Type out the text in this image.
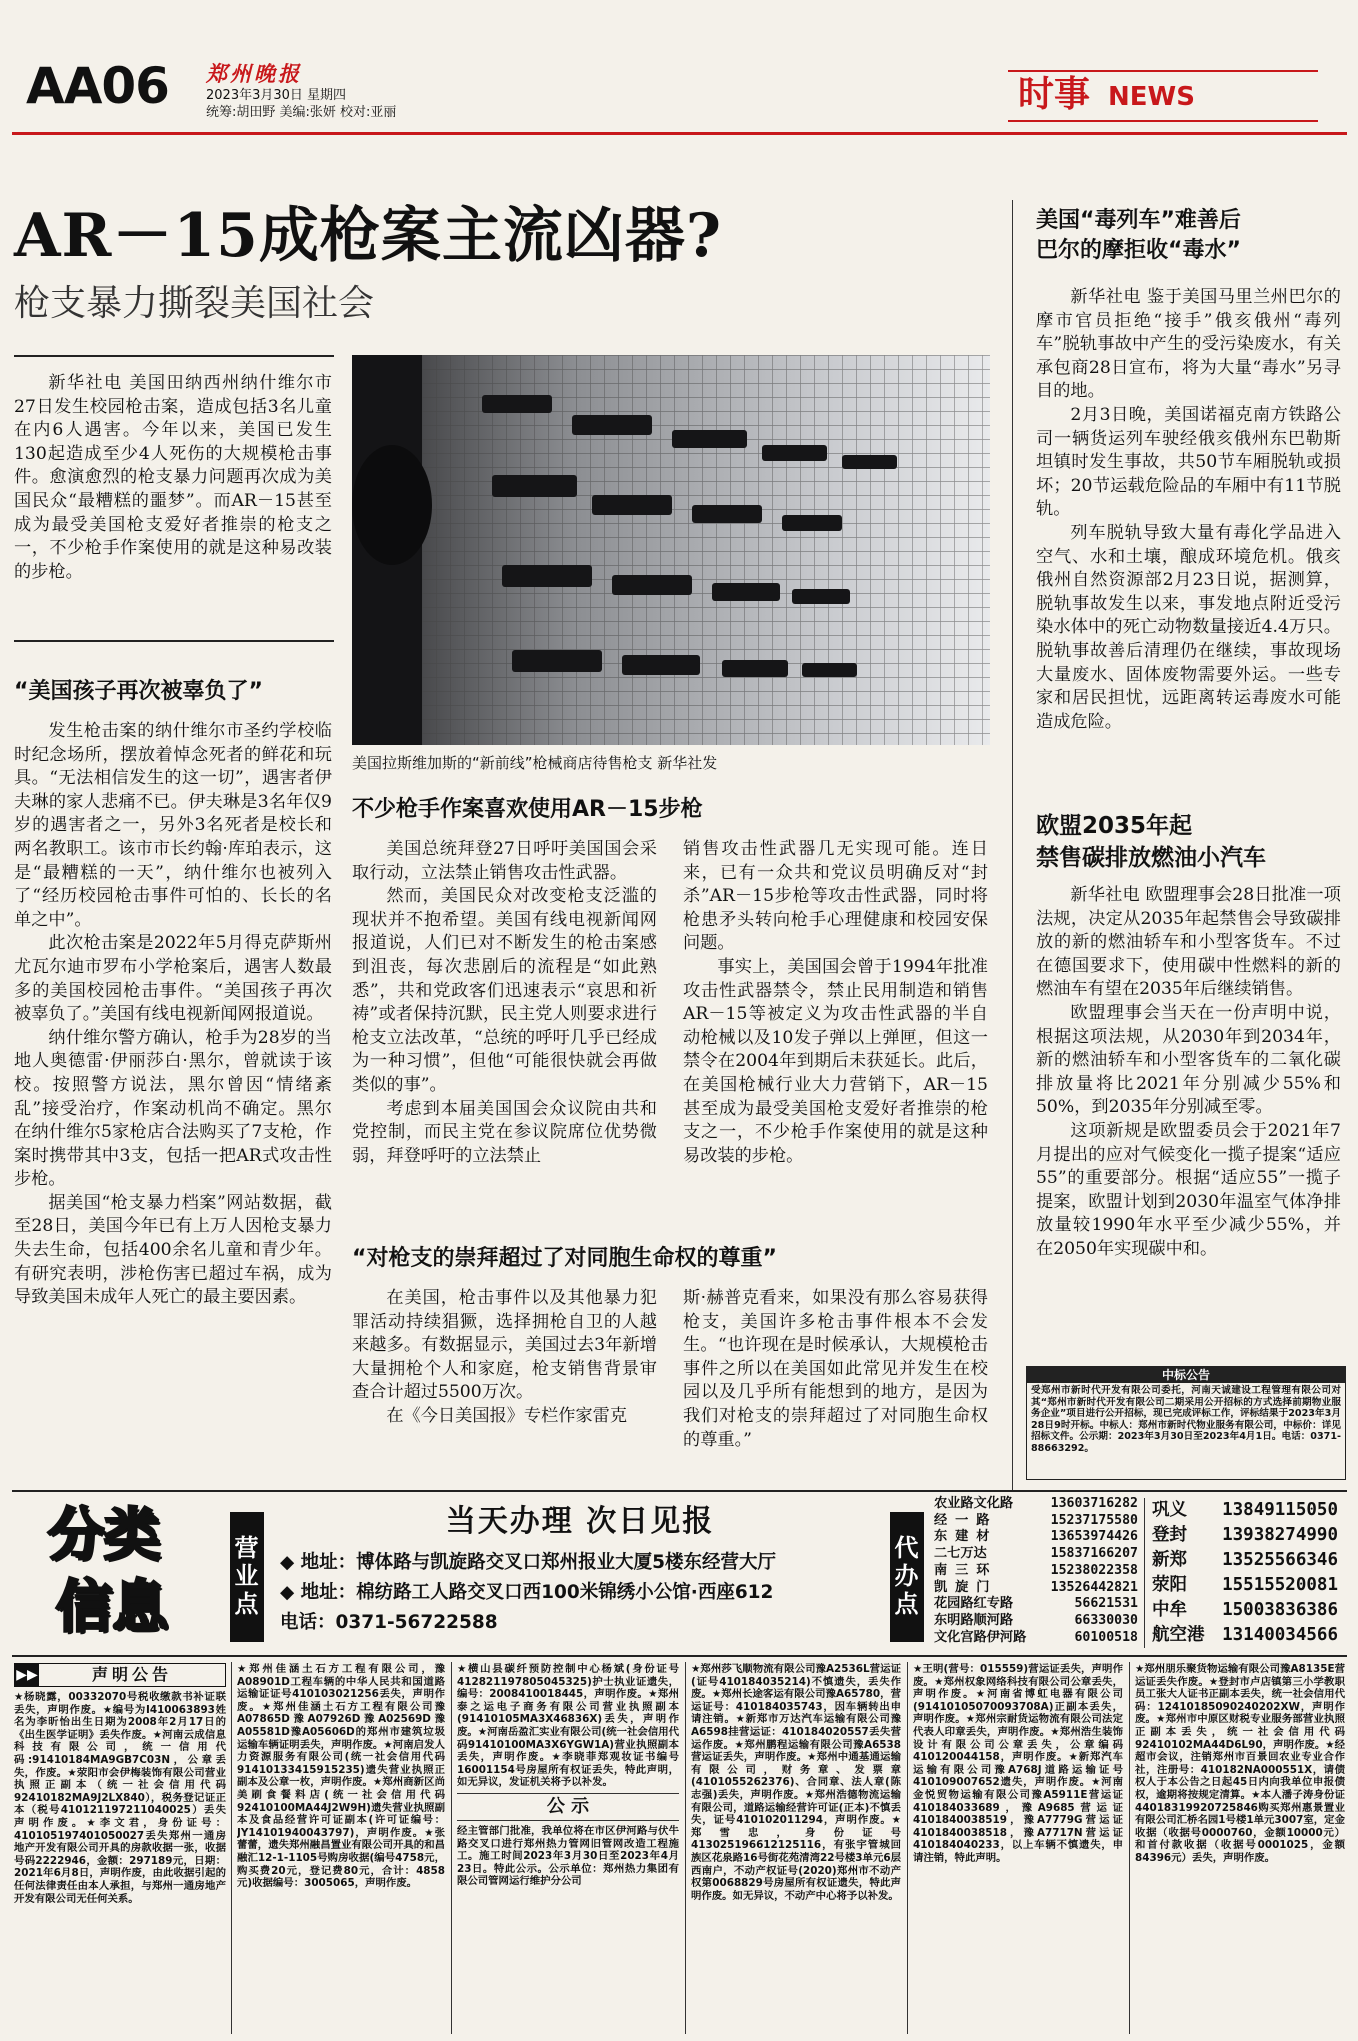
AA06 郑州晚报
2023年3月30日 星期四
统筹:胡田野 美编:张妍 校对:亚丽	时事 NEWS
AR－15成枪案主流凶器?
枪支暴力撕裂美国社会
新华社电 美国田纳西州纳什维尔市27日发生校园枪击案，造成包括3名儿童在内6人遇害。今年以来，美国已发生130起造成至少4人死伤的大规模枪击事件。愈演愈烈的枪支暴力问题再次成为美国民众“最糟糕的噩梦”。而AR－15甚至成为最受美国枪支爱好者推崇的枪支之一，不少枪手作案使用的就是这种易改装的步枪。
美国拉斯维加斯的“新前线”枪械商店待售枪支 新华社发
“美国孩子再次被辜负了”

发生枪击案的纳什维尔市圣约学校临时纪念场所，摆放着悼念死者的鲜花和玩具。“无法相信发生的这一切”，遇害者伊夫琳的家人悲痛不已。伊夫琳是3名年仅9岁的遇害者之一，另外3名死者是校长和两名教职工。该市市长约翰·库珀表示，这是“最糟糕的一天”，纳什维尔也被列入了“经历校园枪击事件可怕的、长长的名单之中”。

此次枪击案是2022年5月得克萨斯州尤瓦尔迪市罗布小学枪案后，遇害人数最多的美国校园枪击事件。“美国孩子再次被辜负了。”美国有线电视新闻网报道说。

纳什维尔警方确认，枪手为28岁的当地人奥德雷·伊丽莎白·黑尔，曾就读于该校。按照警方说法，黑尔曾因“情绪紊乱”接受治疗，作案动机尚不确定。黑尔在纳什维尔5家枪店合法购买了7支枪，作案时携带其中3支，包括一把AR式攻击性步枪。

据美国“枪支暴力档案”网站数据，截至28日，美国今年已有上万人因枪支暴力失去生命，包括400余名儿童和青少年。有研究表明，涉枪伤害已超过车祸，成为导致美国未成年人死亡的最主要因素。

不少枪手作案喜欢使用AR－15步枪

美国总统拜登27日呼吁美国国会采取行动，立法禁止销售攻击性武器。

然而，美国民众对改变枪支泛滥的现状并不抱希望。美国有线电视新闻网报道说，人们已对不断发生的枪击案感到沮丧，每次悲剧后的流程是“如此熟悉”，共和党政客们迅速表示“哀思和祈祷”或者保持沉默，民主党人则要求进行枪支立法改革，“总统的呼吁几乎已经成为一种习惯”，但他“可能很快就会再做类似的事”。

考虑到本届美国国会众议院由共和党控制，而民主党在参议院席位优势微弱，拜登呼吁的立法禁止

销售攻击性武器几无实现可能。连日来，已有一众共和党议员明确反对“封杀”AR－15步枪等攻击性武器，同时将枪患矛头转向枪手心理健康和校园安保问题。

事实上，美国国会曾于1994年批准攻击性武器禁令，禁止民用制造和销售AR－15等被定义为攻击性武器的半自动枪械以及10发子弹以上弹匣，但这一禁令在2004年到期后未获延长。此后，在美国枪械行业大力营销下，AR－15甚至成为最受美国枪支爱好者推崇的枪支之一，不少枪手作案使用的就是这种易改装的步枪。

“对枪支的崇拜超过了对同胞生命权的尊重”

在美国，枪击事件以及其他暴力犯罪活动持续猖獗，选择拥枪自卫的人越来越多。有数据显示，美国过去3年新增大量拥枪个人和家庭，枪支销售背景审查合计超过5500万次。

在《今日美国报》专栏作家雷克

斯·赫普克看来，如果没有那么容易获得枪支，美国许多枪击事件根本不会发生。“也许现在是时候承认，大规模枪击事件之所以在美国如此常见并发生在校园以及几乎所有能想到的地方，是因为我们对枪支的崇拜超过了对同胞生命权的尊重。”

美国“毒列车”难善后
巴尔的摩拒收“毒水”

新华社电 鉴于美国马里兰州巴尔的摩市官员拒绝“接手”俄亥俄州“毒列车”脱轨事故中产生的受污染废水，有关承包商28日宣布，将为大量“毒水”另寻目的地。

2月3日晚，美国诺福克南方铁路公司一辆货运列车驶经俄亥俄州东巴勒斯坦镇时发生事故，共50节车厢脱轨或损坏；20节运载危险品的车厢中有11节脱轨。

列车脱轨导致大量有毒化学品进入空气、水和土壤，酿成环境危机。俄亥俄州自然资源部2月23日说，据测算，脱轨事故发生以来，事发地点附近受污染水体中的死亡动物数量接近4.4万只。脱轨事故善后清理仍在继续，事故现场大量废水、固体废物需要外运。一些专家和居民担忧，远距离转运毒废水可能造成危险。

欧盟2035年起
禁售碳排放燃油小汽车

新华社电 欧盟理事会28日批准一项法规，决定从2035年起禁售会导致碳排放的新的燃油轿车和小型客货车。不过在德国要求下，使用碳中性燃料的新的燃油车有望在2035年后继续销售。

欧盟理事会当天在一份声明中说，根据这项法规，从2030年到2034年，新的燃油轿车和小型客货车的二氧化碳排放量将比2021年分别减少55%和50%，到2035年分别减至零。

这项新规是欧盟委员会于2021年7月提出的应对气候变化一揽子提案“适应55”的重要部分。根据“适应55”一揽子提案，欧盟计划到2030年温室气体净排放量较1990年水平至少减少55%，并在2050年实现碳中和。

中标公告
受郑州市新时代开发有限公司委托，河南天诚建设工程管理有限公司对其“郑州市新时代开发有限公司二期采用公开招标的方式选择前期物业服务企业”项目进行公开招标，现已完成评标工作，评标结果于2023年3月28日9时开标。中标人：郑州市新时代物业服务有限公司，中标价：详见招标文件。公示期：2023年3月30日至2023年4月1日。电话：0371-88663292。
分类
信息	营业点
当天办理 次日见报
◆ 地址：博体路与凯旋路交叉口郑州报业大厦5楼东经营大厅
◆ 地址：棉纺路工人路交叉口西100米锦绣小公馆·西座612
电话：0371-56722588
代办点
农业路文化路	13603716282
经 一 路	15237175580
东 建 材	13653974426
二七万达	15837166207
南 三 环	15238022358
凯 旋 门	13526442821
花园路红专路	56621531
东明路顺河路	66330030
文化宫路伊河路	60100518
巩义 13849115050
登封 13938274990
新郑 13525566346
荥阳 15515520081
中牟 15003836386
航空港 13140034566
▶▶	声明公告

★杨晓露，00332070号税收缴款书补证联丢失，声明作废。★编号为I410063893姓名为李昕怡出生日期为2008年2月17日的《出生医学证明》丢失作废。★河南云成信息科技有限公司，统一信用代码:91410184MA9GB7C03N，公章丢失，作废。★荥阳市会伊梅装饰有限公司营业执照正副本（统一社会信用代码92410182MA9J2LX840），税务登记证正本（税号410121197211040025）丢失声明作废。★李文君，身份证号：410105197401050027丢失郑州一通房地产开发有限公司开具的房款收据一张，收据号码2222946，金额：297189元，日期：2021年6月8日，声明作废，由此收据引起的任何法律责任由本人承担，与郑州一通房地产开发有限公司无任何关系。

★郑州佳涵土石方工程有限公司，豫A08901D工程车辆的中华人民共和国道路运输证证号410103021256丢失，声明作废。★郑州佳涵土石方工程有限公司豫A07865D豫A07926D豫A02569D豫A05581D豫A05606D的郑州市建筑垃圾运输车辆证明丢失，声明作废。★河南启发人力资源服务有限公司(统一社会信用代码91410133415915235)遗失营业执照正副本及公章一枚，声明作废。★郑州商新区尚美刷食餐料店(统一社会信用代码92410100MA44J2W9H)遗失营业执照副本及食品经营许可证副本(许可证编号：JY14101940043797)，声明作废。★张蕾蕾，遗失郑州融昌置业有限公司开具的和昌融汇12-1-1105号购房收据(编号4758元，购买费20元，登记费80元，合计：4858元)收据编号：3005065，声明作废。

★横山县碳纤预防控制中心杨斌(身份证号412821197805045325)护士执业证遗失，编号：2008410018445，声明作废。★郑州泰之运电子商务有限公司营业执照副本(91410105MA3X46836X)丢失，声明作废。★河南岳盈汇实业有限公司(统一社会信用代码91410100MA3X6YGW1A)营业执照副本丢失，声明作废。★李晓菲郑观妆证书编号16001154号房屋所有权证丢失，特此声明，如无异议，发证机关将予以补发。

公 示

经主管部门批准，我单位将在市区伊河路与伏牛路交叉口进行郑州热力管网旧管网改造工程施工。施工时间2023年3月30日至2023年4月23日。特此公示。公示单位：郑州热力集团有限公司管网运行维护分公司

★郑州莎飞顺物流有限公司豫A2536L营运证(证号410184035214)不慎遗失，丢失作废。★郑州长途客运有限公司豫A65780，营运证号：410184035743，因车辆转出申请注销。★新郑市万达汽车运输有限公司豫A6598挂营运证：410184020557丢失营运作废。★郑州鹏程运输有限公司豫A6538营运证丢失，声明作废。★郑州中通基通运输有限公司，财务章、发票章(4101055262376)、合同章、法人章(陈志强)丢失，声明作废。★郑州浩德物流运输有限公司，道路运输经营许可证(正本)不慎丢失，证号410102011294，声明作废。★郑雪忠，身份证号413025196612125116，有张宇管城回族区花泉路16号街花苑清湾22号楼3单元6层西南户，不动产权证号(2020)郑州市不动产权第0068829号房屋所有权证遗失，特此声明作废。如无异议，不动产中心将予以补发。

★王明(营号：015559)营运证丢失，声明作废。★郑州权象网络科技有限公司公章丢失，声明作废。★河南省博虹电器有限公司(91410105070093708A)正副本丢失，声明作废。★郑州宗耐货运物流有限公司法定代表人印章丢失，声明作废。★郑州浩生装饰设计有限公司公章丢失，公章编码410120044158，声明作废。★新郑汽车运输有限公司豫A768J道路运输证号410109007652遗失，声明作废。★河南金悦贸物运输有限公司豫A5911E营运证410184033689，豫A9685营运证4101840038519，豫A7779G营运证4101840038518，豫A7717N营运证410184040233，以上车辆不慎遗失，申请注销，特此声明。

★郑州朋乐聚货物运输有限公司豫A8135E营运证丢失作废。★登封市卢店镇第三小学教职员工张大人证书正副本丢失，统一社会信用代码：12410185090240202XW，声明作废。★郑州市中原区财税专业服务部营业执照正副本丢失，统一社会信用代码92410102MA44D6L90，声明作废。★经超市会议，注销郑州市百景回农业专业合作社，注册号：410182NA000551X，请债权人于本公告之日起45日内向我单位申报债权，逾期将按规定清算。★本人潘子涛身份证44018319920725846购买郑州惠景置业有限公司汇桥名园1号楼1单元3007室，定金收据（收据号0000760，金额10000元）和首付款收据（收据号0001025，金额84396元）丢失，声明作废。
